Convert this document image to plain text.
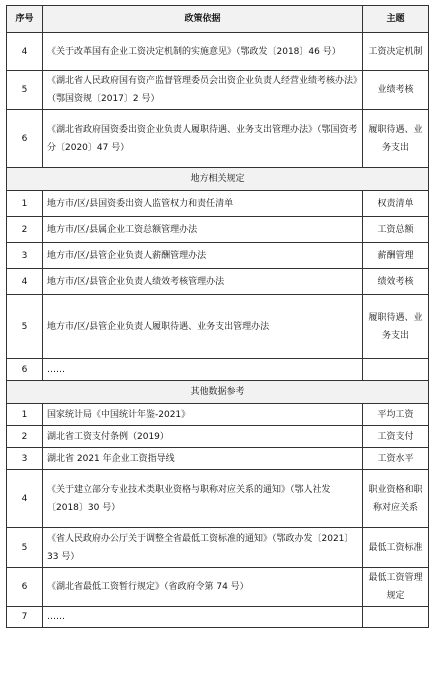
序号	政策依据	主题
4	《关于改革国有企业工资决定机制的实施意见》（鄂政发〔2018〕46 号）	工资决定机制
5	《湖北省人民政府国有资产监督管理委员会出资企业负责人经营业绩考核办法》（鄂国资规〔2017〕2 号）	业绩考核
6	《湖北省政府国资委出资企业负责人履职待遇、业务支出管理办法》（鄂国资考分〔2020〕47 号）	履职待遇、业务支出
地方相关规定		
1	地方市/区/县国资委出资人监管权力和责任清单	权责清单
2	地方市/区/县属企业工资总额管理办法	工资总额
3	地方市/区/县管企业负责人薪酬管理办法	薪酬管理
4	地方市/区/县管企业负责人绩效考核管理办法	绩效考核
5	地方市/区/县管企业负责人履职待遇、业务支出管理办法	履职待遇、业务支出
6	……	
其他数据参考		
1	国家统计局《中国统计年鉴-2021》	平均工资
2	湖北省工资支付条例（2019）	工资支付
3	湖北省 2021 年企业工资指导线	工资水平
4	《关于建立部分专业技术类职业资格与职称对应关系的通知》（鄂人社发〔2018〕30 号）	职业资格和职称对应关系
5	《省人民政府办公厅关于调整全省最低工资标准的通知》（鄂政办发〔2021〕33 号）	最低工资标准
6	《湖北省最低工资暂行规定》（省政府令第 74 号）	最低工资管理规定
7	……	
